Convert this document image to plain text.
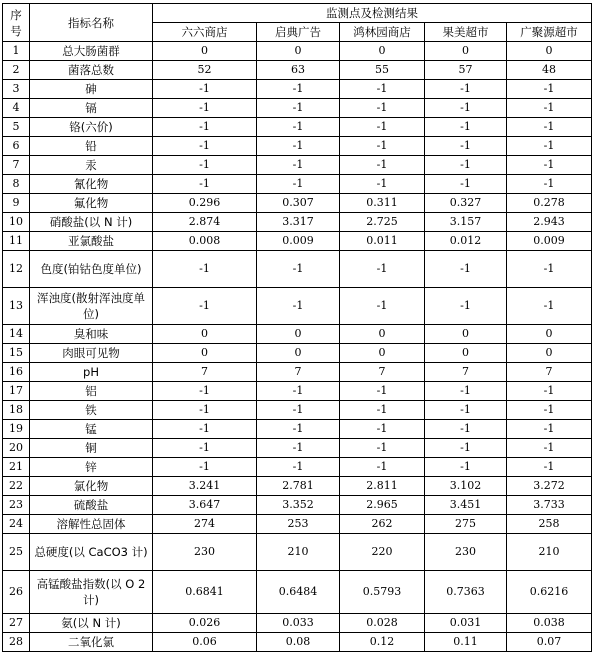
序号	指标名称	监测点及检测结果				
		六六商店	启典广告	鸿林园商店	果美超市	广聚源超市
1	总大肠菌群	0	0	0	0	0
2	菌落总数	52	63	55	57	48
3	砷	-1	-1	-1	-1	-1
4	镉	-1	-1	-1	-1	-1
5	铬(六价)	-1	-1	-1	-1	-1
6	铅	-1	-1	-1	-1	-1
7	汞	-1	-1	-1	-1	-1
8	氰化物	-1	-1	-1	-1	-1
9	氟化物	0.296	0.307	0.311	0.327	0.278
10	硝酸盐(以 N 计)	2.874	3.317	2.725	3.157	2.943
11	亚氯酸盐	0.008	0.009	0.011	0.012	0.009
12	色度(铂钴色度单位)	-1	-1	-1	-1	-1
13	浑浊度(散射浑浊度单位)	-1	-1	-1	-1	-1
14	臭和味	0	0	0	0	0
15	肉眼可见物	0	0	0	0	0
16	pH	7	7	7	7	7
17	铝	-1	-1	-1	-1	-1
18	铁	-1	-1	-1	-1	-1
19	锰	-1	-1	-1	-1	-1
20	铜	-1	-1	-1	-1	-1
21	锌	-1	-1	-1	-1	-1
22	氯化物	3.241	2.781	2.811	3.102	3.272
23	硫酸盐	3.647	3.352	2.965	3.451	3.733
24	溶解性总固体	274	253	262	275	258
25	总硬度(以 CaCO3 计)	230	210	220	230	210
26	高锰酸盐指数(以 O 2 计)	0.6841	0.6484	0.5793	0.7363	0.6216
27	氨(以 N 计)	0.026	0.033	0.028	0.031	0.038
28	二氧化氯	0.06	0.08	0.12	0.11	0.07
